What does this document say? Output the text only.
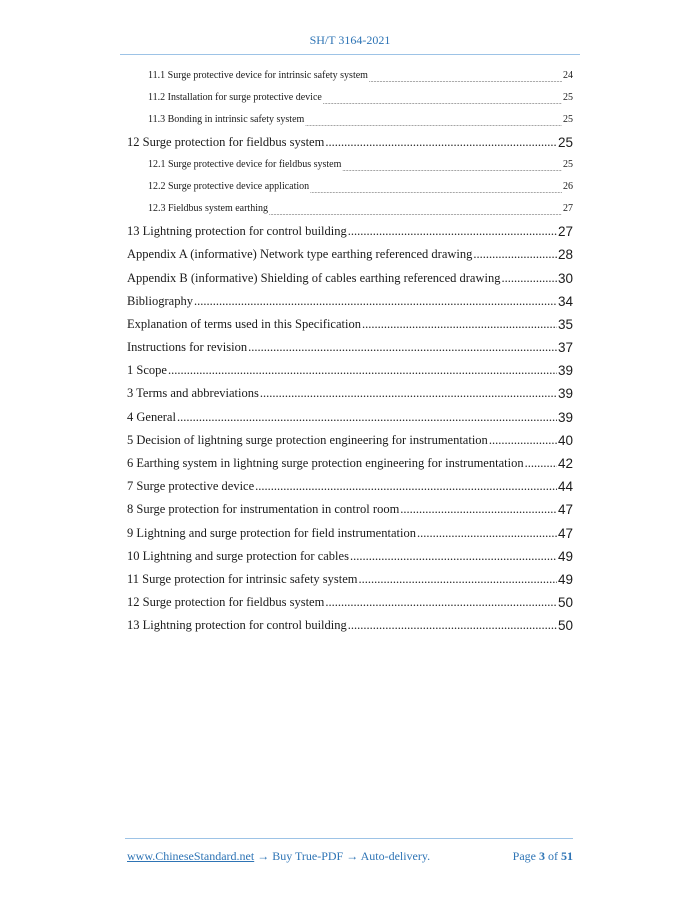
SH/T 3164-2021
11.1 Surge protective device for intrinsic safety system .....	24
11.2 Installation for surge protective device .....	25
11.3 Bonding in intrinsic safety system .....	25
12 Surge protection for fieldbus system .....	25
12.1 Surge protective device for fieldbus system .....	25
12.2 Surge protective device application .....	26
12.3 Fieldbus system earthing .....	27
13 Lightning protection for control building .....	27
Appendix A (informative) Network type earthing referenced drawing .....	28
Appendix B (informative) Shielding of cables earthing referenced drawing .....	30
Bibliography .....	34
Explanation of terms used in this Specification .....	35
Instructions for revision .....	37
1 Scope .....	39
3 Terms and abbreviations .....	39
4 General .....	39
5 Decision of lightning surge protection engineering for instrumentation .....	40
6 Earthing system in lightning surge protection engineering for instrumentation .....	42
7 Surge protective device .....	44
8 Surge protection for instrumentation in control room .....	47
9 Lightning and surge protection for field instrumentation .....	47
10 Lightning and surge protection for cables .....	49
11 Surge protection for intrinsic safety system .....	49
12 Surge protection for fieldbus system .....	50
13 Lightning protection for control building .....	50
www.ChineseStandard.net → Buy True-PDF → Auto-delivery.	Page 3 of 51
